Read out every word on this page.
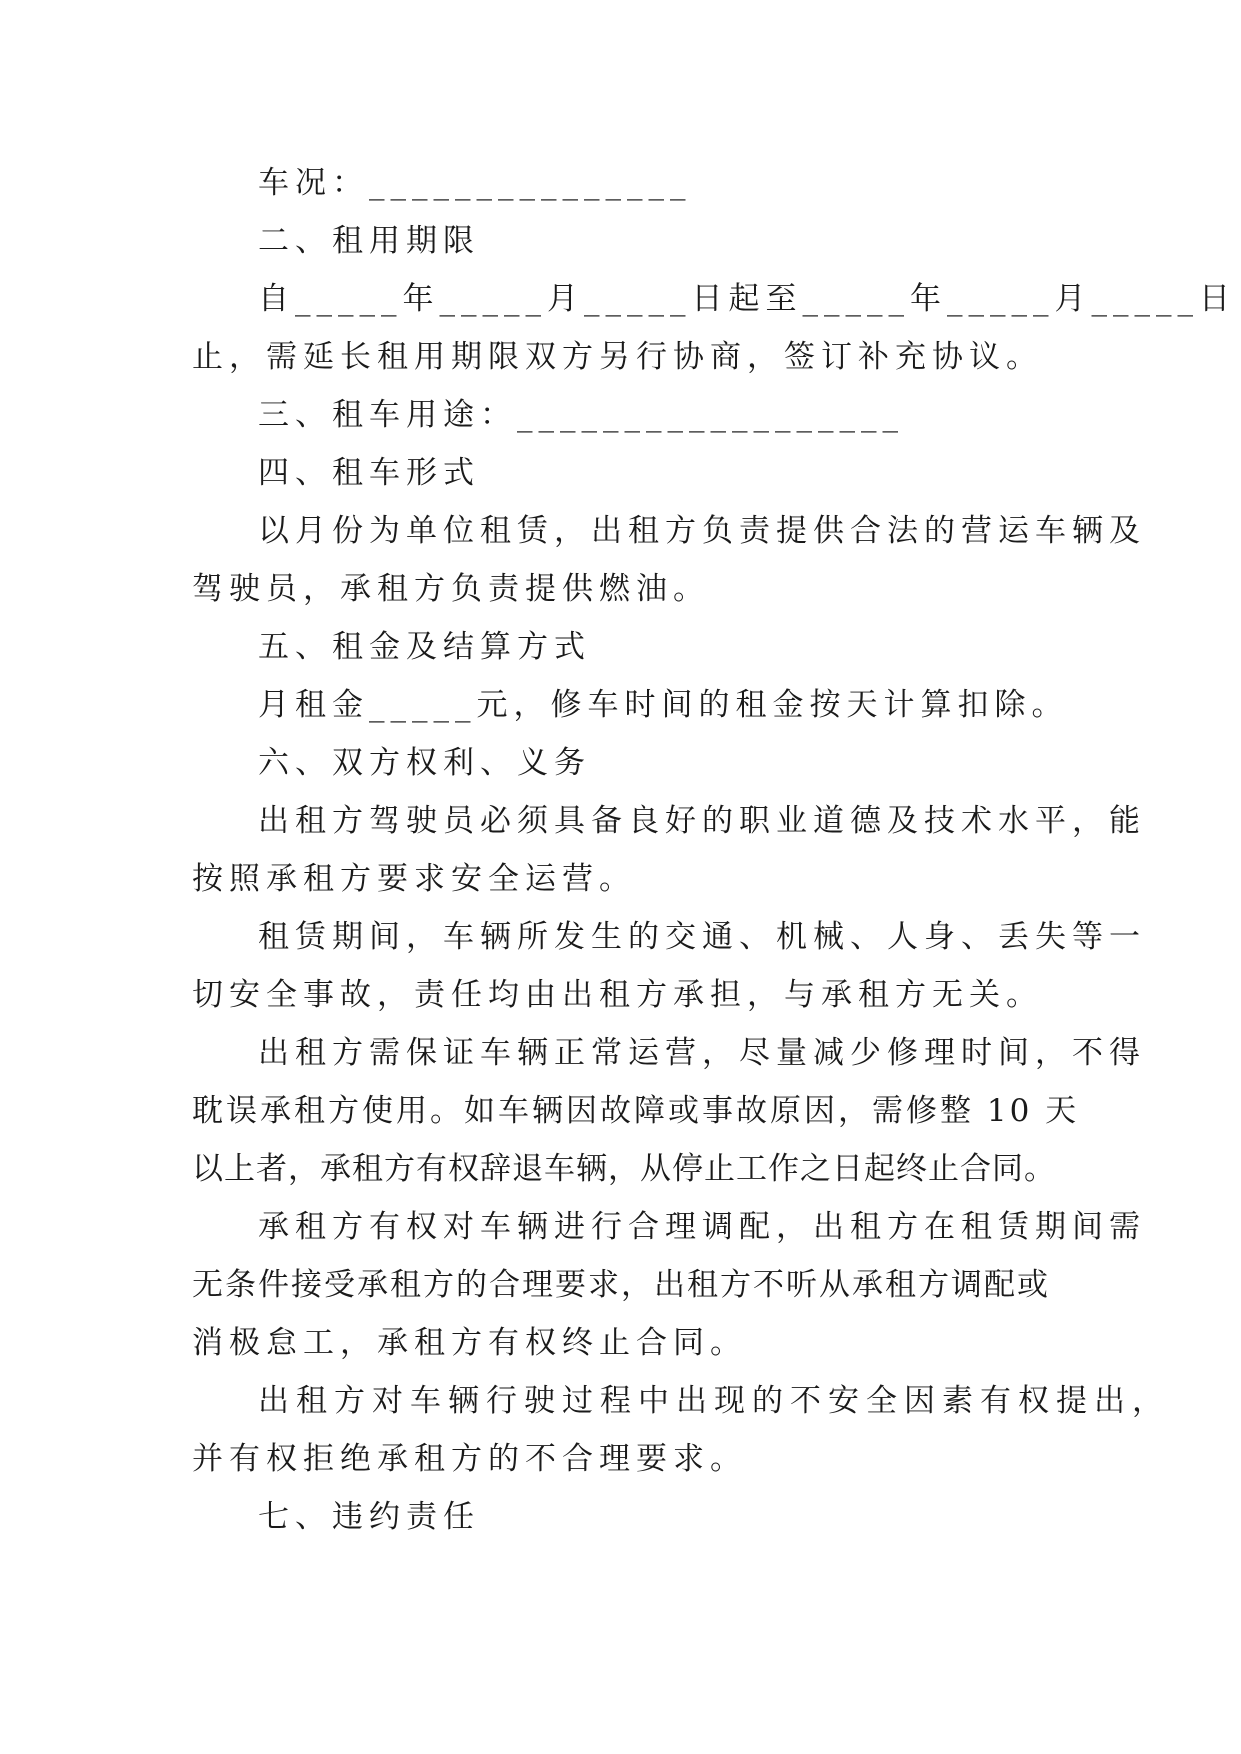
车况：_______________
二、租用期限
自_____年_____月_____日起至_____年_____月_____日
止，需延长租用期限双方另行协商，签订补充协议。
三、租车用途：__________________
四、租车形式
以月份为单位租赁，出租方负责提供合法的营运车辆及
驾驶员，承租方负责提供燃油。
五、租金及结算方式
月租金_____元，修车时间的租金按天计算扣除。
六、双方权利、义务
出租方驾驶员必须具备良好的职业道德及技术水平，能
按照承租方要求安全运营。
租赁期间，车辆所发生的交通、机械、人身、丢失等一
切安全事故，责任均由出租方承担，与承租方无关。
出租方需保证车辆正常运营，尽量减少修理时间，不得
耽误承租方使用。如车辆因故障或事故原因，需修整 10 天
以上者，承租方有权辞退车辆，从停止工作之日起终止合同。
承租方有权对车辆进行合理调配，出租方在租赁期间需
无条件接受承租方的合理要求，出租方不听从承租方调配或
消极怠工，承租方有权终止合同。
出租方对车辆行驶过程中出现的不安全因素有权提出，
并有权拒绝承租方的不合理要求。
七、违约责任
